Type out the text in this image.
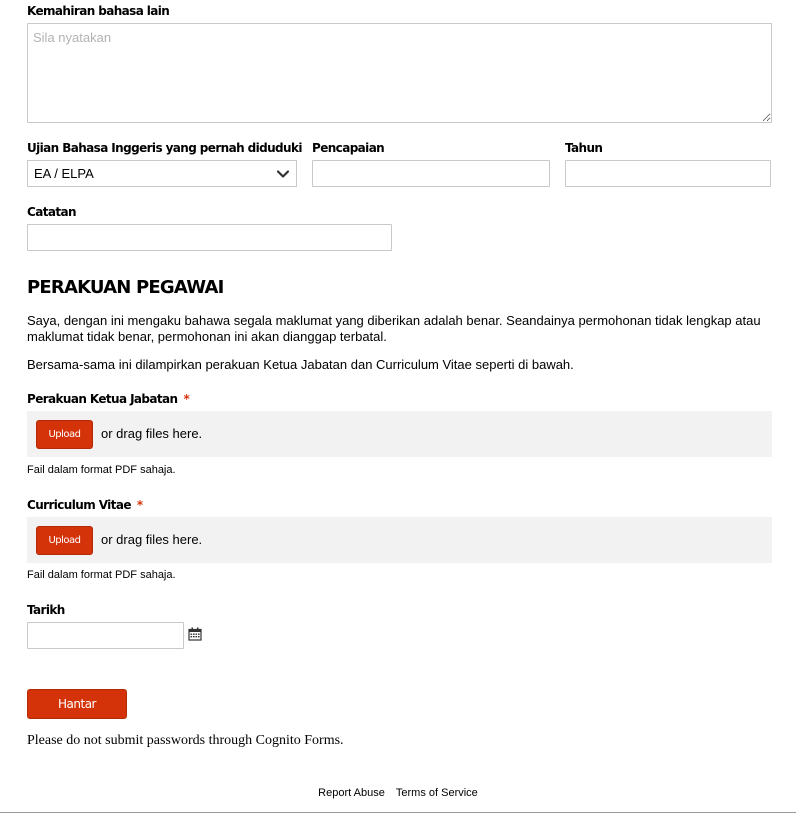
Kemahiran bahasa lain
Sila nyatakan
Ujian Bahasa Inggeris yang pernah diduduki
EA / ELPA
Pencapaian	Tahun
Catatan
PERAKUAN PEGAWAI
Saya, dengan ini mengaku bahawa segala maklumat yang diberikan adalah benar. Seandainya permohonan tidak lengkap atau maklumat tidak benar, permohonan ini akan dianggap terbatal.
Bersama-sama ini dilampirkan perakuan Ketua Jabatan dan Curriculum Vitae seperti di bawah.
Perakuan Ketua Jabatan *
Upload	or drag files here.
Fail dalam format PDF sahaja.
Curriculum Vitae *
Upload	or drag files here.
Fail dalam format PDF sahaja.
Tarikh
Hantar
Please do not submit passwords through Cognito Forms.
Report Abuse Terms of Service
